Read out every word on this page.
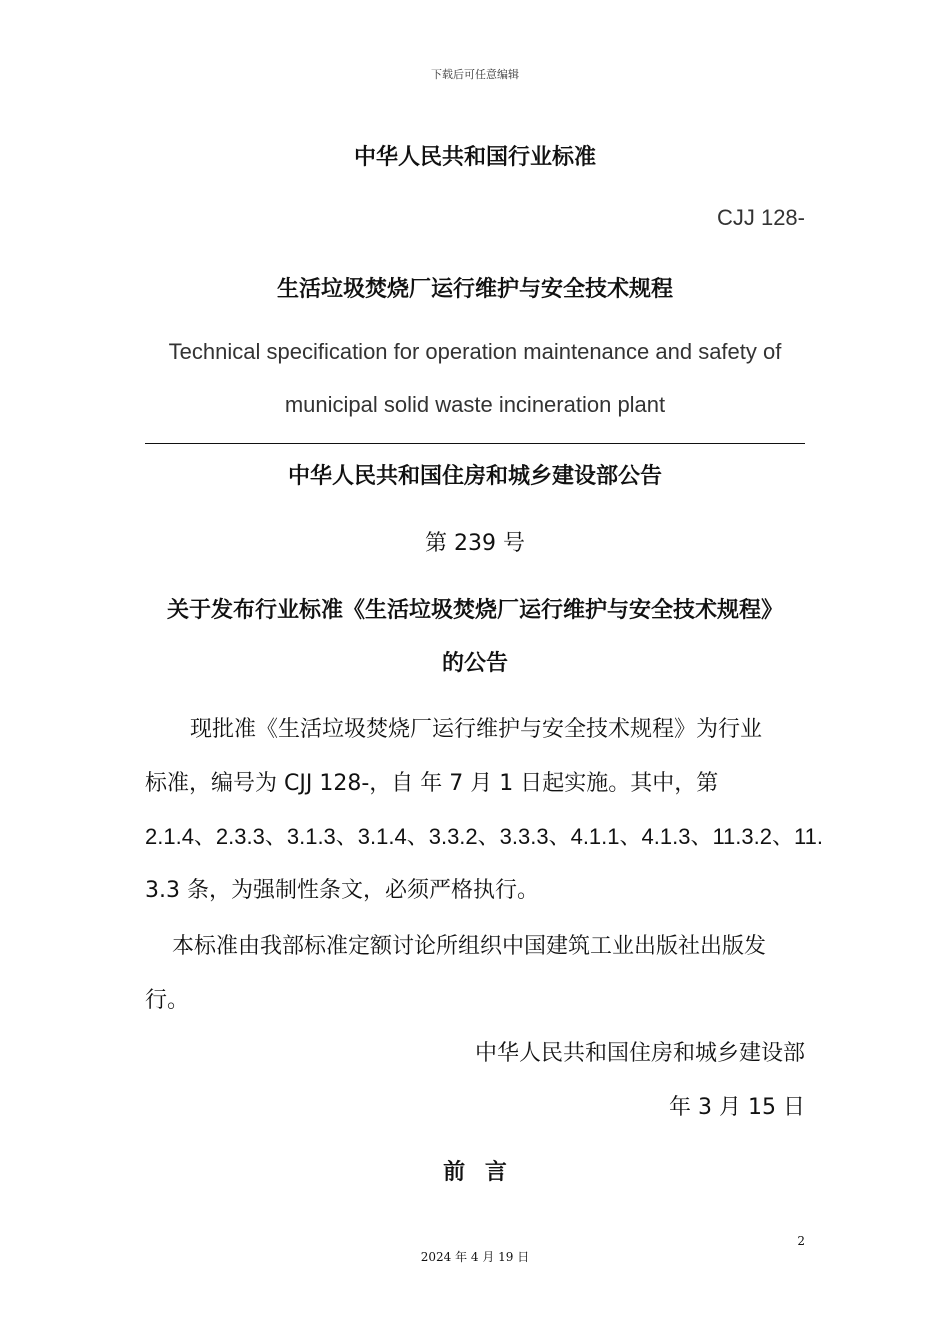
下载后可任意编辑
中华人民共和国行业标准
CJJ 128-
生活垃圾焚烧厂运行维护与安全技术规程
Technical specification for operation maintenance and safety of
municipal solid waste incineration plant
中华人民共和国住房和城乡建设部公告
第 239 号
关于发布行业标准《生活垃圾焚烧厂运行维护与安全技术规程》
的公告
现批准《生活垃圾焚烧厂运行维护与安全技术规程》为行业
标准，编号为 CJJ 128-，自 年 7 月 1 日起实施。其中，第
2.1.4、2.3.3、3.1.3、3.1.4、3.3.2、3.3.3、4.1.1、4.1.3、11.3.2、11.
3.3 条，为强制性条文，必须严格执行。
本标准由我部标准定额讨论所组织中国建筑工业出版社出版发
行。
中华人民共和国住房和城乡建设部
年 3 月 15 日
前言
2
2024 年 4 月 19 日
